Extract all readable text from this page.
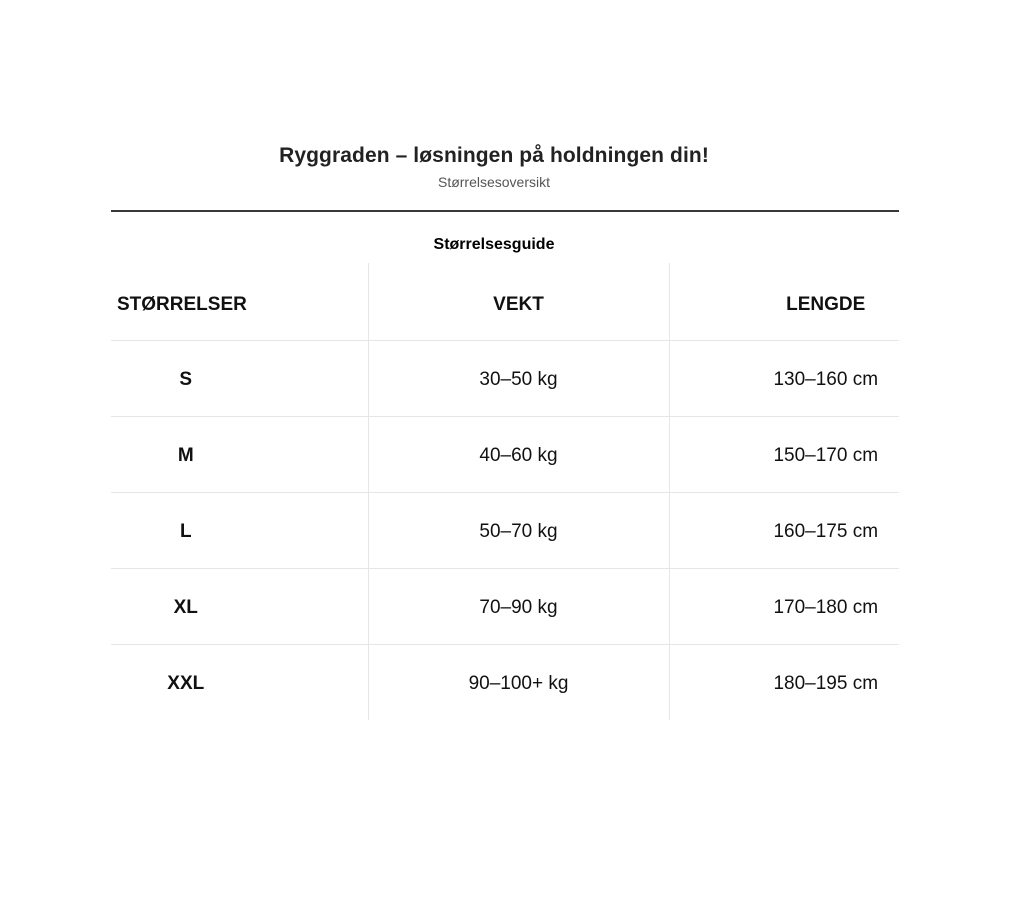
Ryggraden – løsningen på holdningen din!

Størrelsesoversikt

Størrelsesguide
STØRRELSER	VEKT	LENGDE
S	30–50 kg	130–160 cm
M	40–60 kg	150–170 cm
L	50–70 kg	160–175 cm
XL	70–90 kg	170–180 cm
XXL	90–100+ kg	180–195 cm
